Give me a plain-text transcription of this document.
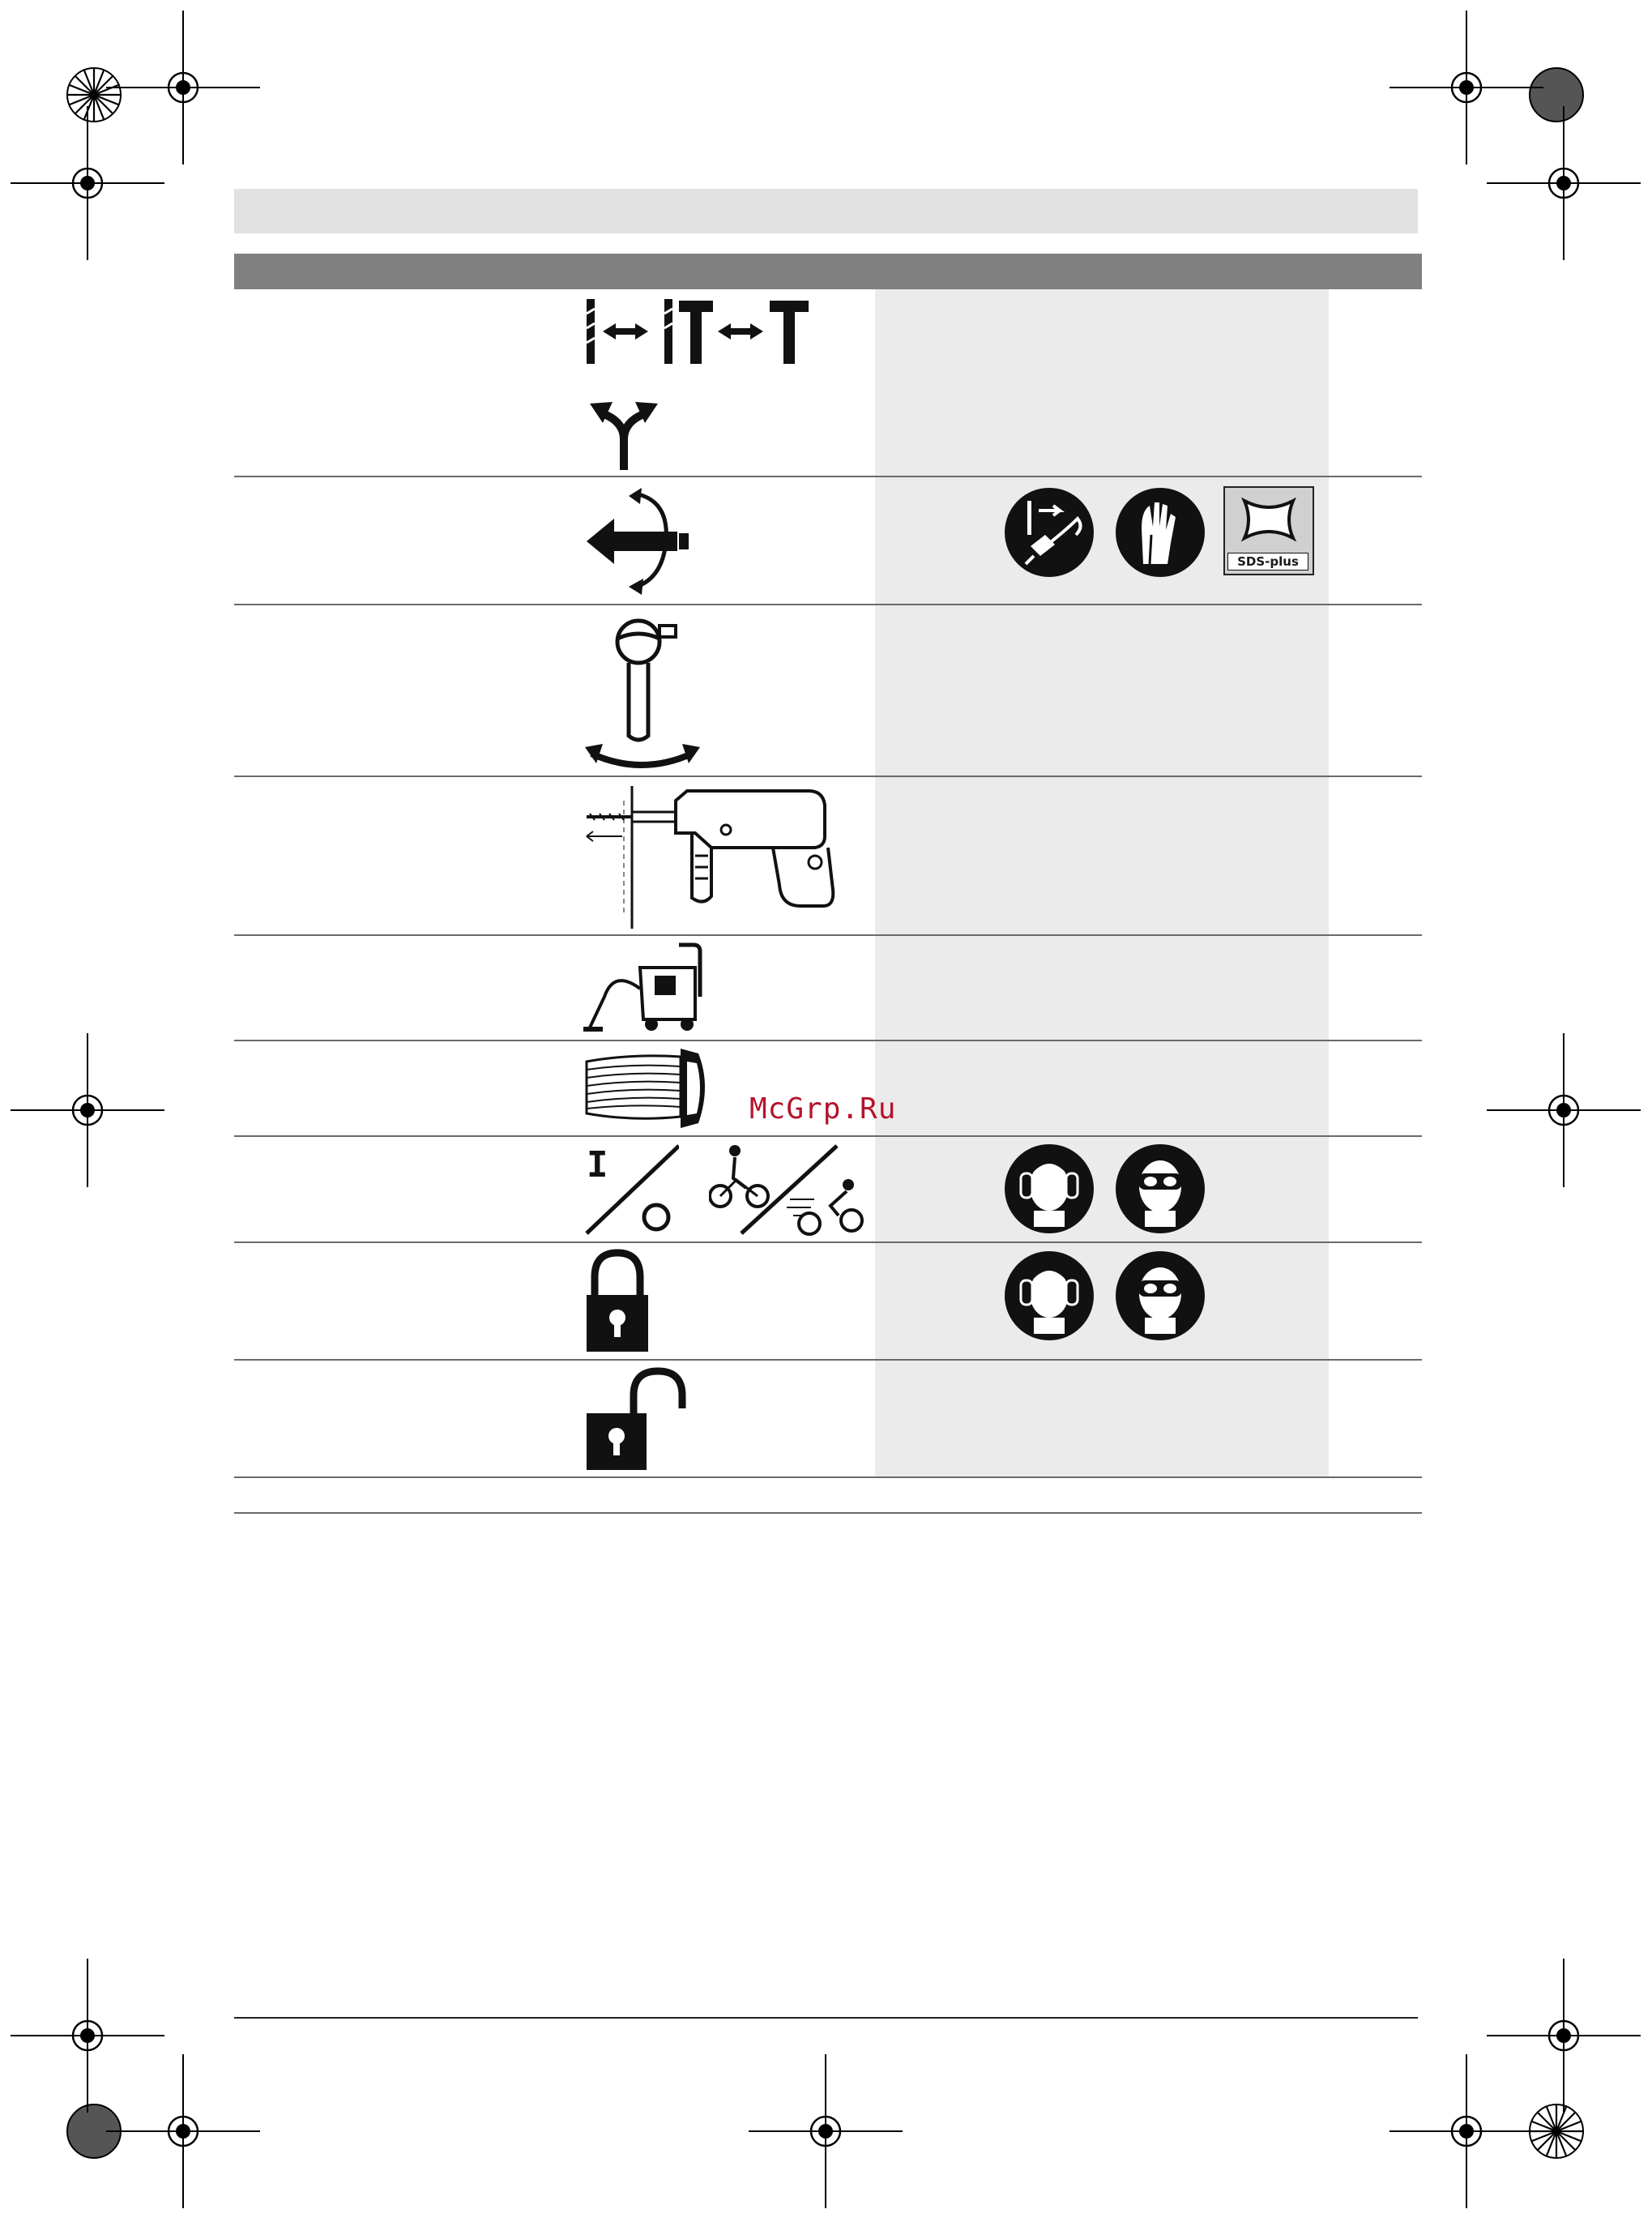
SDS-plus
I
McGrp.Ru
